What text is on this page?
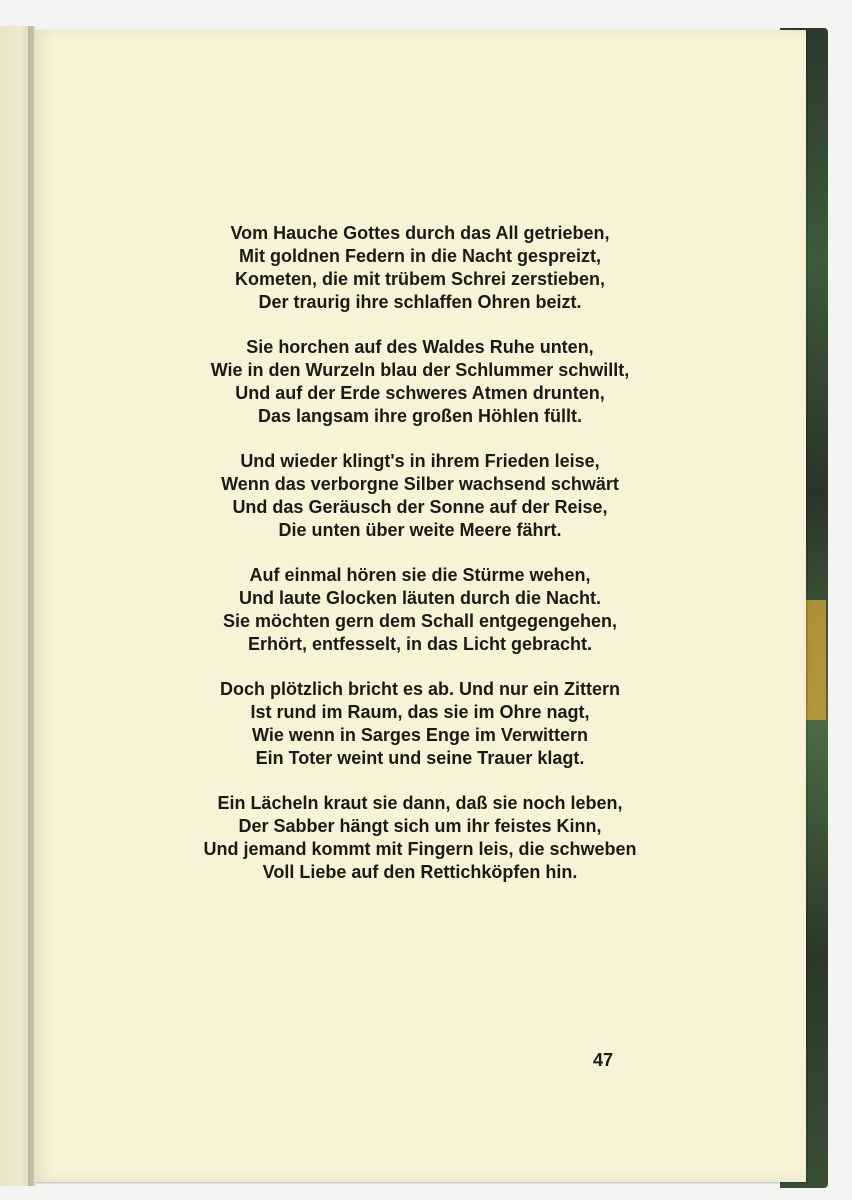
Vom Hauche Gottes durch das All getrieben,
Mit goldnen Federn in die Nacht gespreizt,
Kometen, die mit trübem Schrei zerstieben,
Der traurig ihre schlaffen Ohren beizt.
Sie horchen auf des Waldes Ruhe unten,
Wie in den Wurzeln blau der Schlummer schwillt,
Und auf der Erde schweres Atmen drunten,
Das langsam ihre großen Höhlen füllt.
Und wieder klingt's in ihrem Frieden leise,
Wenn das verborgne Silber wachsend schwärt
Und das Geräusch der Sonne auf der Reise,
Die unten über weite Meere fährt.
Auf einmal hören sie die Stürme wehen,
Und laute Glocken läuten durch die Nacht.
Sie möchten gern dem Schall entgegengehen,
Erhört, entfesselt, in das Licht gebracht.
Doch plötzlich bricht es ab. Und nur ein Zittern
Ist rund im Raum, das sie im Ohre nagt,
Wie wenn in Sarges Enge im Verwittern
Ein Toter weint und seine Trauer klagt.
Ein Lächeln kraut sie dann, daß sie noch leben,
Der Sabber hängt sich um ihr feistes Kinn,
Und jemand kommt mit Fingern leis, die schweben
Voll Liebe auf den Rettichköpfen hin.
47
